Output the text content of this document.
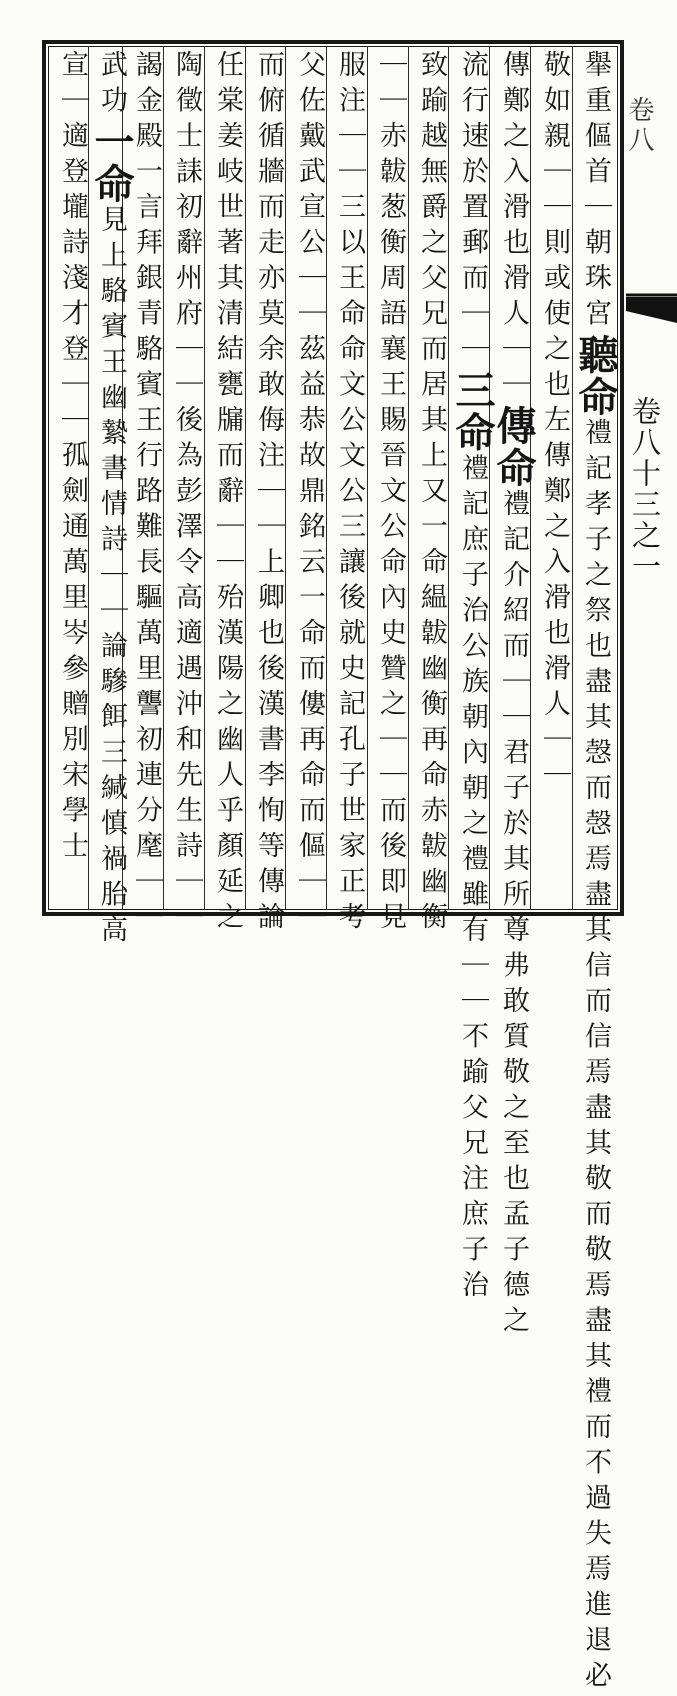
卷八
卷八十三之一
𦦙重傴首｜朝珠宮聽命禮記孝子之祭也盡其愨而愨焉盡其信而信焉盡其敬而敬焉盡其禮而不過失焉進退必
敬如親｜｜則或使之也左傳鄭之入滑也滑人｜｜
傳鄭之入滑也滑人｜｜傳命禮記介紹而｜｜君子於其所尊弗敢質敬之至也孟子德之
流行速於置郵而｜｜三命禮記庶子治公族朝內朝之禮雖有｜｜不踰父兄注庶子治
致踰越無爵之父兄而居其上又一命緼韍幽衡再命赤韍幽衡
｜｜赤韍葱衡周語襄王賜晉文公命內史贊之｜｜而後即見
服注｜｜三以王命命文公文公三讓後就史記孔子世家正考
父佐戴武宣公｜｜茲益恭故鼎銘云一命而僂再命而傴｜｜
而俯循牆而走亦莫余敢侮注｜｜上卿也後漢書李恂等傳論
任棠姜岐世著其清結甕牖而辭｜｜殆漢陽之幽人乎顏延之
陶徵士誄初辭州府｜｜後為彭澤令高適遇沖和先生詩｜｜
謁金殿一言拜銀青駱賓王行路難長驅萬里讋初連分麾｜｜
武功一命見上駱賓王幽縶書情詩｜｜論驂餌三緘慎禍胎高
宣｜適登壠詩淺才登｜｜孤劍通萬里岑參贈別宋學士
